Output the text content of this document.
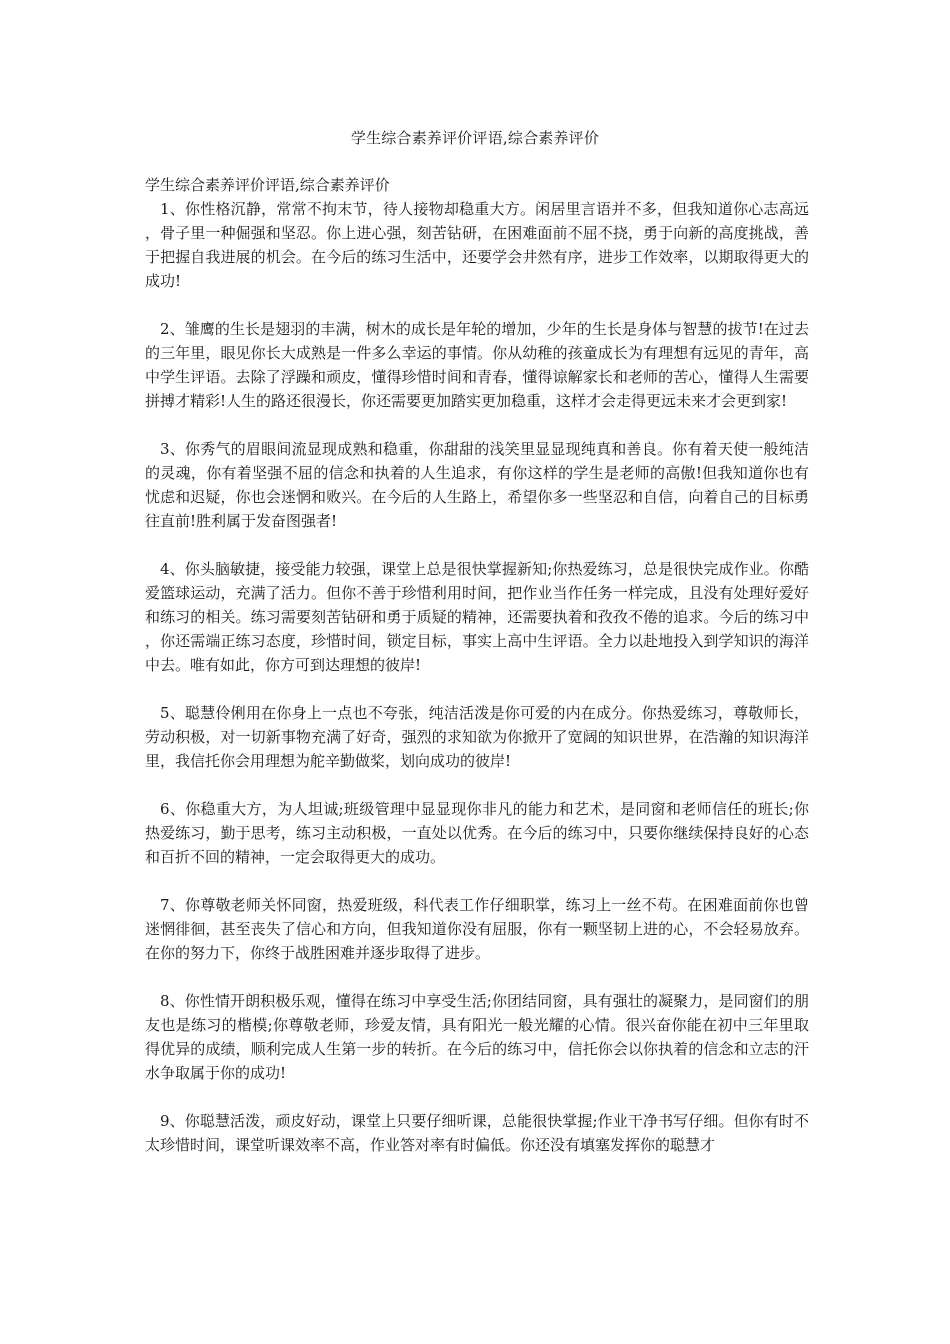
学生综合素养评价评语,综合素养评价

学生综合素养评价评语,综合素养评价

1、你性格沉静，常常不拘末节，待人接物却稳重大方。闲居里言语并不多，但我知道你心志高远，骨子里一种倔强和坚忍。你上进心强，刻苦钻研，在困难面前不屈不挠，勇于向新的高度挑战，善于把握自我进展的机会。在今后的练习生活中，还要学会井然有序，进步工作效率，以期取得更大的成功!

2、雏鹰的生长是翅羽的丰满，树木的成长是年轮的增加，少年的生长是身体与智慧的拔节!在过去的三年里，眼见你长大成熟是一件多么幸运的事情。你从幼稚的孩童成长为有理想有远见的青年，高中学生评语。去除了浮躁和顽皮，懂得珍惜时间和青春，懂得谅解家长和老师的苦心，懂得人生需要拼搏才精彩!人生的路还很漫长，你还需要更加踏实更加稳重，这样才会走得更远未来才会更到家!

3、你秀气的眉眼间流显现成熟和稳重，你甜甜的浅笑里显显现纯真和善良。你有着天使一般纯洁的灵魂，你有着坚强不屈的信念和执着的人生追求，有你这样的学生是老师的高傲!但我知道你也有忧虑和迟疑，你也会迷惘和败兴。在今后的人生路上，希望你多一些坚忍和自信，向着自己的目标勇往直前!胜利属于发奋图强者!

4、你头脑敏捷，接受能力较强，课堂上总是很快掌握新知;你热爱练习，总是很快完成作业。你酷爱篮球运动，充满了活力。但你不善于珍惜利用时间，把作业当作任务一样完成，且没有处理好爱好和练习的相关。练习需要刻苦钻研和勇于质疑的精神，还需要执着和孜孜不倦的追求。今后的练习中，你还需端正练习态度，珍惜时间，锁定目标，事实上高中生评语。全力以赴地投入到学知识的海洋中去。唯有如此，你方可到达理想的彼岸!

5、聪慧伶俐用在你身上一点也不夸张，纯洁活泼是你可爱的内在成分。你热爱练习，尊敬师长，劳动积极，对一切新事物充满了好奇，强烈的求知欲为你掀开了宽阔的知识世界，在浩瀚的知识海洋里，我信托你会用理想为舵辛勤做桨，划向成功的彼岸!

6、你稳重大方，为人坦诚;班级管理中显显现你非凡的能力和艺术，是同窗和老师信任的班长;你热爱练习，勤于思考，练习主动积极，一直处以优秀。在今后的练习中，只要你继续保持良好的心态和百折不回的精神，一定会取得更大的成功。

7、你尊敬老师关怀同窗，热爱班级，科代表工作仔细职掌，练习上一丝不苟。在困难面前你也曾迷惘徘徊，甚至丧失了信心和方向，但我知道你没有屈服，你有一颗坚韧上进的心，不会轻易放弃。在你的努力下，你终于战胜困难并逐步取得了进步。

8、你性情开朗积极乐观，懂得在练习中享受生活;你团结同窗，具有强壮的凝聚力，是同窗们的朋友也是练习的楷模;你尊敬老师，珍爱友情，具有阳光一般光耀的心情。很兴奋你能在初中三年里取得优异的成绩，顺利完成人生第一步的转折。在今后的练习中，信托你会以你执着的信念和立志的汗水争取属于你的成功!

9、你聪慧活泼，顽皮好动，课堂上只要仔细听课，总能很快掌握;作业干净书写仔细。但你有时不太珍惜时间，课堂听课效率不高，作业答对率有时偏低。你还没有填塞发挥你的聪慧才
